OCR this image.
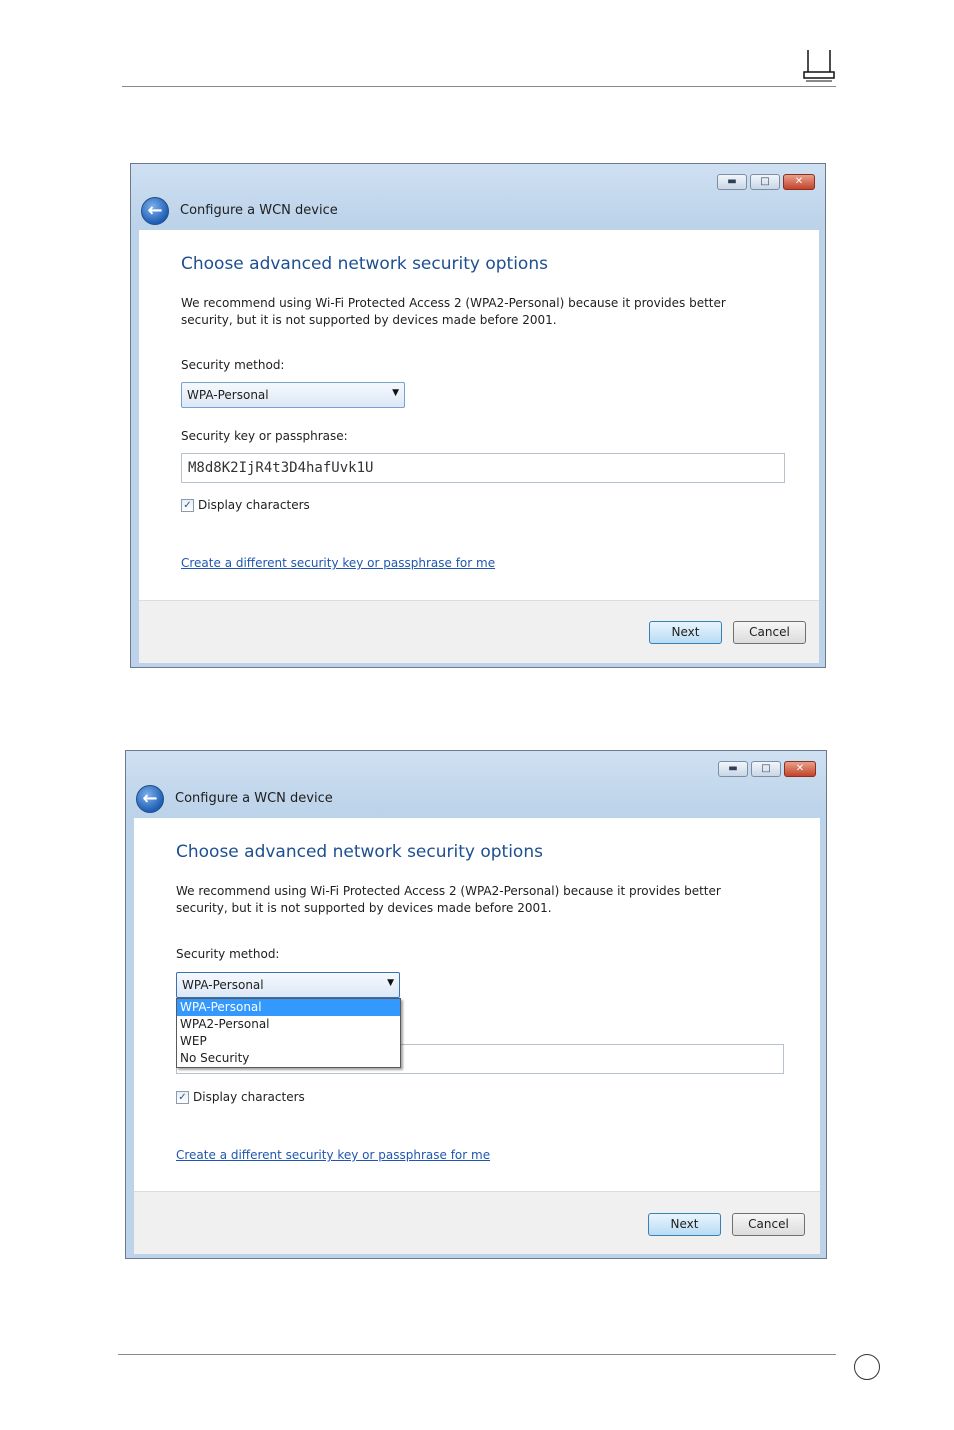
▬	□	✕
←	Configure a WCN device
Choose advanced network security options
We recommend using Wi-Fi Protected Access 2 (WPA2-Personal) because it provides better security, but it is not supported by devices made before 2001.
Security method:
WPA-Personal	▼
Security key or passphrase:
M8d8K2IjR4t3D4hafUvk1U
✓ Display characters
Create a different security key or passphrase for me
Next	Cancel
▬	□	✕
←	Configure a WCN device
Choose advanced network security options
We recommend using Wi-Fi Protected Access 2 (WPA2-Personal) because it provides better security, but it is not supported by devices made before 2001.
Security method:
WPA-Personal	▼
WPA-Personal
WPA2-Personal
WEP
No Security
✓ Display characters
Create a different security key or passphrase for me
Next	Cancel
